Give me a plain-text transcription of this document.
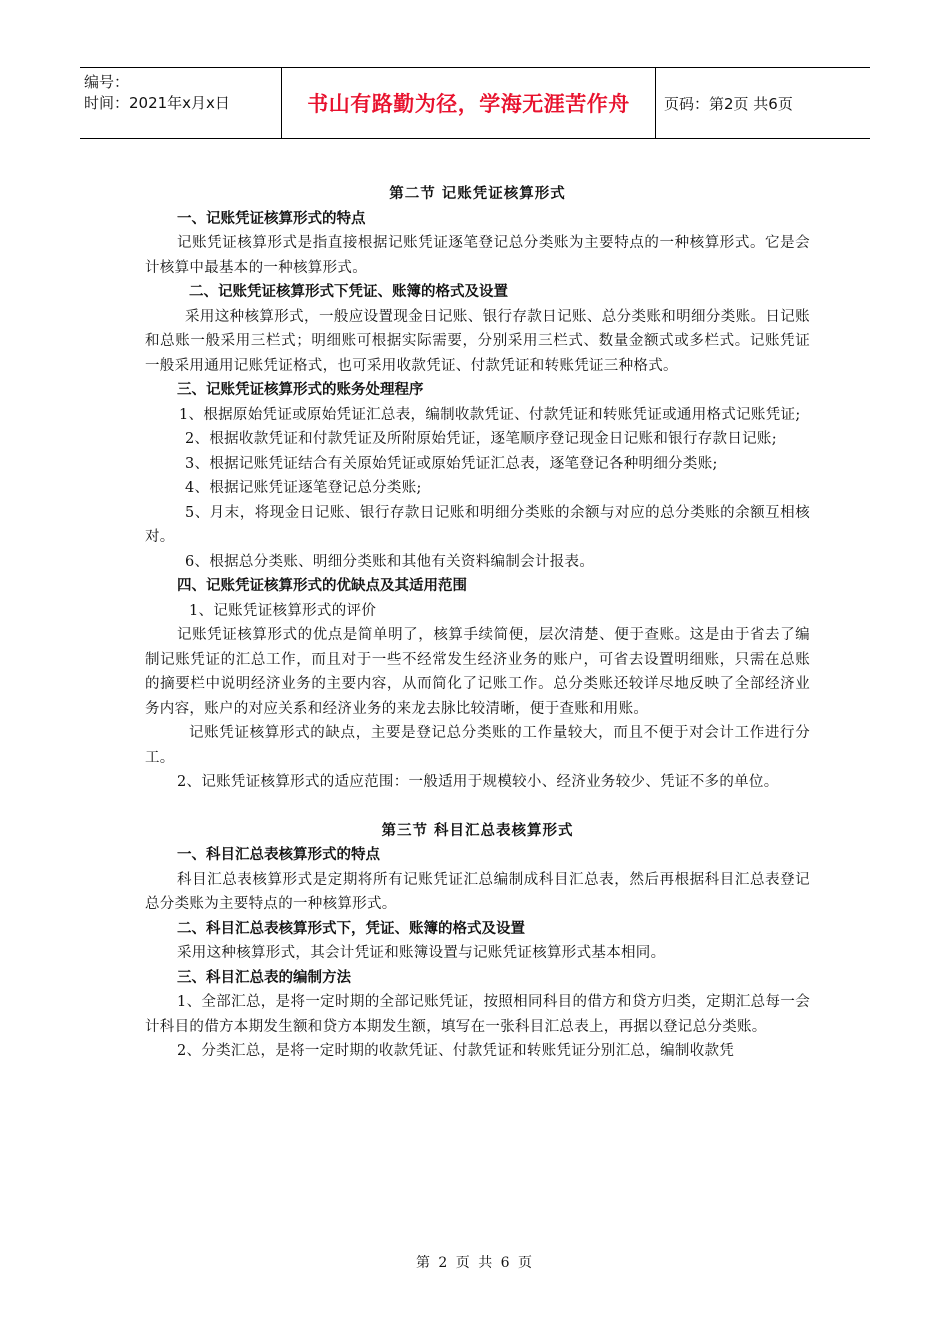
编号：
时间：2021年x月x日	书山有路勤为径，学海无涯苦作舟	页码：第2页 共6页
第二节 记账凭证核算形式
一、记账凭证核算形式的特点

记账凭证核算形式是指直接根据记账凭证逐笔登记总分类账为主要特点的一种核算形式。它是会计核算中最基本的一种核算形式。

二、记账凭证核算形式下凭证、账簿的格式及设置

采用这种核算形式，一般应设置现金日记账、银行存款日记账、总分类账和明细分类账。日记账和总账一般采用三栏式；明细账可根据实际需要，分别采用三栏式、数量金额式或多栏式。记账凭证一般采用通用记账凭证格式，也可采用收款凭证、付款凭证和转账凭证三种格式。

三、记账凭证核算形式的账务处理程序

1、根据原始凭证或原始凭证汇总表，编制收款凭证、付款凭证和转账凭证或通用格式记账凭证;

2、根据收款凭证和付款凭证及所附原始凭证，逐笔顺序登记现金日记账和银行存款日记账;

3、根据记账凭证结合有关原始凭证或原始凭证汇总表，逐笔登记各种明细分类账;

4、根据记账凭证逐笔登记总分类账;

5、月末，将现金日记账、银行存款日记账和明细分类账的余额与对应的总分类账的余额互相核对。

6、根据总分类账、明细分类账和其他有关资料编制会计报表。

四、记账凭证核算形式的优缺点及其适用范围

1、记账凭证核算形式的评价

记账凭证核算形式的优点是简单明了，核算手续简便，层次清楚、便于查账。这是由于省去了编制记账凭证的汇总工作，而且对于一些不经常发生经济业务的账户，可省去设置明细账，只需在总账的摘要栏中说明经济业务的主要内容，从而简化了记账工作。总分类账还较详尽地反映了全部经济业务内容，账户的对应关系和经济业务的来龙去脉比较清晰，便于查账和用账。

记账凭证核算形式的缺点，主要是登记总分类账的工作量较大，而且不便于对会计工作进行分工。

2、记账凭证核算形式的适应范围：一般适用于规模较小、经济业务较少、凭证不多的单位。

第三节 科目汇总表核算形式
一、科目汇总表核算形式的特点

科目汇总表核算形式是定期将所有记账凭证汇总编制成科目汇总表，然后再根据科目汇总表登记总分类账为主要特点的一种核算形式。

二、科目汇总表核算形式下，凭证、账簿的格式及设置

采用这种核算形式，其会计凭证和账簿设置与记账凭证核算形式基本相同。

三、科目汇总表的编制方法

1、全部汇总，是将一定时期的全部记账凭证，按照相同科目的借方和贷方归类，定期汇总每一会计科目的借方本期发生额和贷方本期发生额，填写在一张科目汇总表上，再据以登记总分类账。

2、分类汇总，是将一定时期的收款凭证、付款凭证和转账凭证分别汇总，编制收款凭

第 2 页 共 6 页
